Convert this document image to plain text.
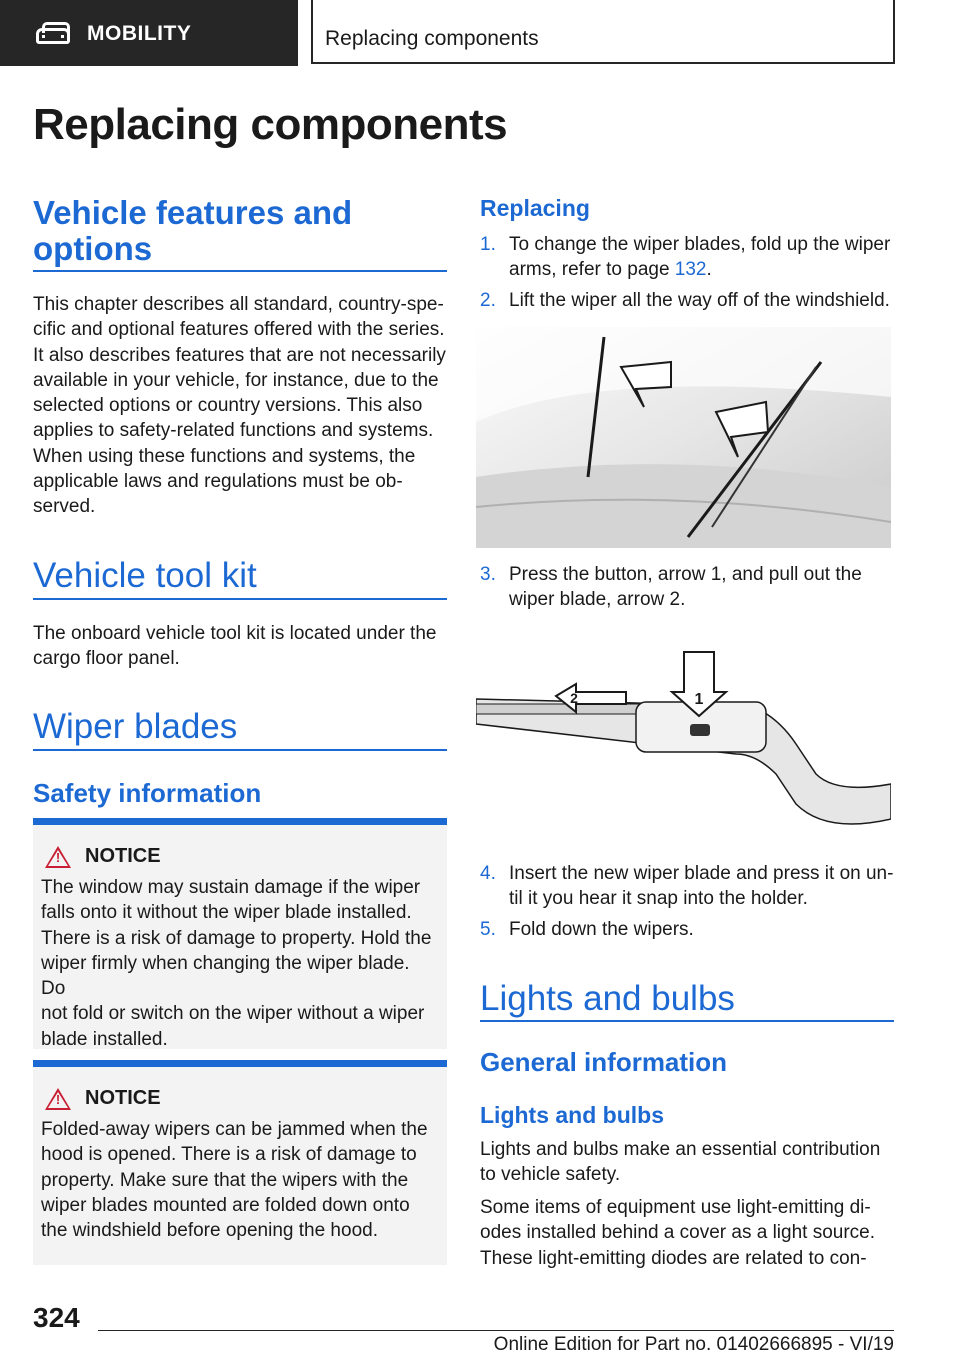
MOBILITY	Replacing components
Replacing components
Vehicle features and
options
This chapter describes all standard, country-spe‐
cific and optional features offered with the series.
It also describes features that are not necessarily
available in your vehicle, for instance, due to the
selected options or country versions. This also
applies to safety-related functions and systems.
When using these functions and systems, the
applicable laws and regulations must be ob‐
served.
Vehicle tool kit
The onboard vehicle tool kit is located under the
cargo floor panel.
Wiper blades
Safety information
!	NOTICE
The window may sustain damage if the wiper
falls onto it without the wiper blade installed.
There is a risk of damage to property. Hold the
wiper firmly when changing the wiper blade. Do
not fold or switch on the wiper without a wiper
blade installed.
!	NOTICE
Folded-away wipers can be jammed when the
hood is opened. There is a risk of damage to
property. Make sure that the wipers with the
wiper blades mounted are folded down onto
the windshield before opening the hood.
Replacing
1. To change the wiper blades, fold up the wiper
arms, refer to page 132.
2. Lift the wiper all the way off of the windshield.
3. Press the button, arrow 1, and pull out the
wiper blade, arrow 2.
1
2
4. Insert the new wiper blade and press it on un‐
til it you hear it snap into the holder.
5. Fold down the wipers.
Lights and bulbs
General information
Lights and bulbs
Lights and bulbs make an essential contribution
to vehicle safety.
Some items of equipment use light-emitting di‐
odes installed behind a cover as a light source.
These light-emitting diodes are related to con‐
324
Online Edition for Part no. 01402666895 - VI/19
